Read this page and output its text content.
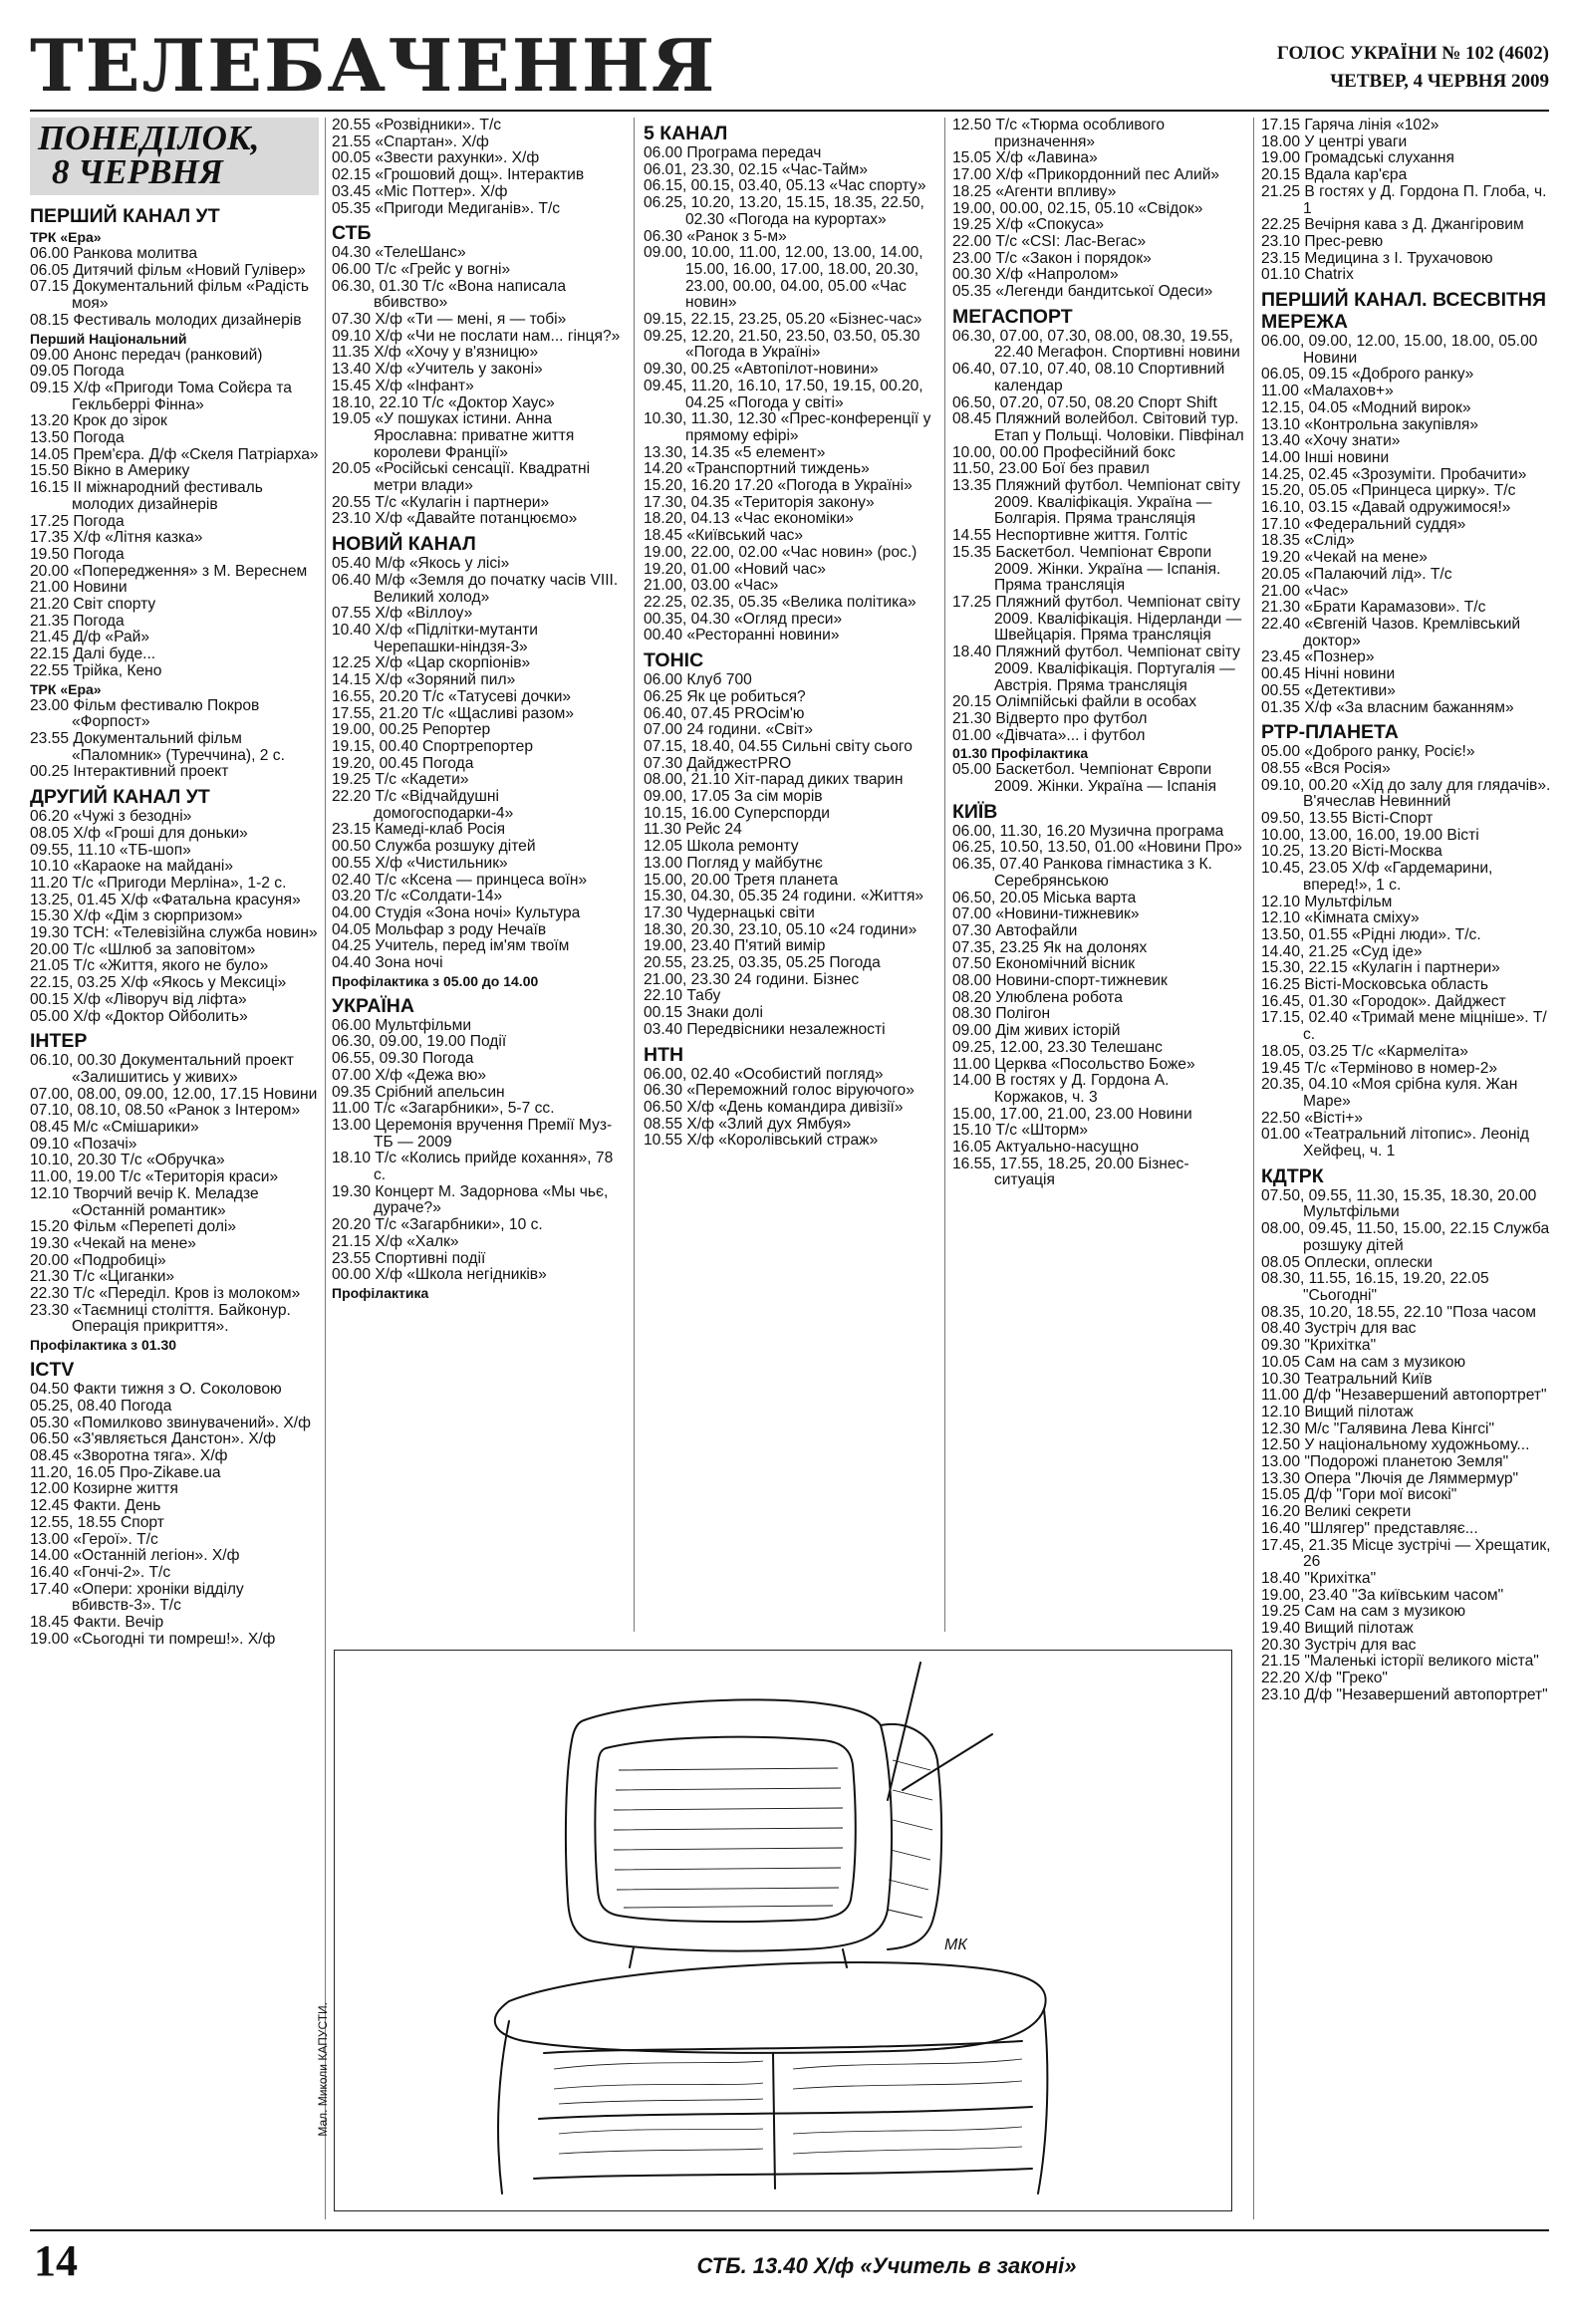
ТЕЛЕБАЧЕННЯ	ГОЛОС УКРАЇНИ № 102 (4602)
ЧЕТВЕР, 4 ЧЕРВНЯ 2009
ПОНЕДІЛОК,
8 ЧЕРВНЯ
ПЕРШИЙ КАНАЛ УТ
ТРК «Ера»
06.00 Ранкова молитва
06.05 Дитячий фільм «Новий Гулівер»
07.15 Документальний фільм «Радість моя»
08.15 Фестиваль молодих дизайнерів
Перший Національний
09.00 Анонс передач (ранковий)
09.05 Погода
09.15 Х/ф «Пригоди Тома Сойєра та Гекльберрі Фінна»
13.20 Крок до зірок
13.50 Погода
14.05 Прем'єра. Д/ф «Скеля Патріарха»
15.50 Вікно в Америку
16.15 II міжнародний фестиваль молодих дизайнерів
17.25 Погода
17.35 Х/ф «Літня казка»
19.50 Погода
20.00 «Попередження» з М. Вереснем
21.00 Новини
21.20 Світ спорту
21.35 Погода
21.45 Д/ф «Рай»
22.15 Далі буде...
22.55 Трійка, Кено
ТРК «Ера»
23.00 Фільм фестивалю Покров «Форпост»
23.55 Документальний фільм «Паломник» (Туреччина), 2 с.
00.25 Інтерактивний проект
ДРУГИЙ КАНАЛ УТ
06.20 «Чужі з безодні»
08.05 Х/ф «Гроші для доньки»
09.55, 11.10 «ТБ-шоп»
10.10 «Караоке на майдані»
11.20 Т/с «Пригоди Мерліна», 1-2 с.
13.25, 01.45 Х/ф «Фатальна красуня»
15.30 Х/ф «Дім з сюрпризом»
19.30 ТСН: «Телевізійна служба новин»
20.00 Т/с «Шлюб за заповітом»
21.05 Т/с «Життя, якого не було»
22.15, 03.25 Х/ф «Якось у Мексиці»
00.15 Х/ф «Ліворуч від ліфта»
05.00 Х/ф «Доктор Ойболить»
ІНТЕР
06.10, 00.30 Документальний проект «Залишитись у живих»
07.00, 08.00, 09.00, 12.00, 17.15 Новини
07.10, 08.10, 08.50 «Ранок з Інтером»
08.45 М/с «Смішарики»
09.10 «Позачі»
10.10, 20.30 Т/с «Обручка»
11.00, 19.00 Т/с «Територія краси»
12.10 Творчий вечір К. Меладзе «Останній романтик»
15.20 Фільм «Перепеті долі»
19.30 «Чекай на мене»
20.00 «Подробиці»
21.30 Т/с «Циганки»
22.30 Т/с «Переділ. Кров із молоком»
23.30 «Таємниці століття. Байконур. Операція прикриття».
Профілактика з 01.30
ICTV
04.50 Факти тижня з О. Соколовою
05.25, 08.40 Погода
05.30 «Помилково звинувачений». Х/ф
06.50 «З'являється Данстон». Х/ф
08.45 «Зворотна тяга». Х/ф
11.20, 16.05 Про-Zikaве.ua
12.00 Козирне життя
12.45 Факти. День
12.55, 18.55 Спорт
13.00 «Герої». Т/с
14.00 «Останній легіон». Х/ф
16.40 «Гончі-2». Т/с
17.40 «Опери: хроніки відділу вбивств-3». Т/с
18.45 Факти. Вечір
19.00 «Сьогодні ти помреш!». Х/ф
20.55 «Розвідники». Т/с
21.55 «Спартан». Х/ф
00.05 «Звести рахунки». Х/ф
02.15 «Грошовий дощ». Інтерактив
03.45 «Міс Поттер». Х/ф
05.35 «Пригоди Медиганів». Т/с
СТБ
04.30 «ТелеШанс»
06.00 Т/с «Грейс у вогні»
06.30, 01.30 Т/с «Вона написала вбивство»
07.30 Х/ф «Ти — мені, я — тобі»
09.10 Х/ф «Чи не послати нам... гінця?»
11.35 Х/ф «Хочу у в'язницю»
13.40 Х/ф «Учитель у законі»
15.45 Х/ф «Інфант»
18.10, 22.10 Т/с «Доктор Хаус»
19.05 «У пошуках істини. Анна Ярославна: приватне життя королеви Франції»
20.05 «Російські сенсації. Квадратні метри влади»
20.55 Т/с «Кулагін і партнери»
23.10 Х/ф «Давайте потанцюємо»
НОВИЙ КАНАЛ
05.40 М/ф «Якось у лісі»
06.40 М/ф «Земля до початку часів VIII. Великий холод»
07.55 Х/ф «Віллоу»
10.40 Х/ф «Підлітки-мутанти Черепашки-ніндзя-3»
12.25 Х/ф «Цар скорпіонів»
14.15 Х/ф «Зоряний пил»
16.55, 20.20 Т/с «Татусеві дочки»
17.55, 21.20 Т/с «Щасливі разом»
19.00, 00.25 Репортер
19.15, 00.40 Спортрепортер
19.20, 00.45 Погода
19.25 Т/с «Кадети»
22.20 Т/с «Відчайдушні домогосподарки-4»
23.15 Камеді-клаб Росія
00.50 Служба розшуку дітей
00.55 Х/ф «Чистильник»
02.40 Т/с «Ксена — принцеса воїн»
03.20 Т/с «Солдати-14»
04.00 Студія «Зона ночі» Культура
04.05 Мольфар з роду Нечаїв
04.25 Учитель, перед ім'ям твоїм
04.40 Зона ночі
Профілактика з 05.00 до 14.00
УКРАЇНА
06.00 Мультфільми
06.30, 09.00, 19.00 Події
06.55, 09.30 Погода
07.00 Х/ф «Дежа вю»
09.35 Срібний апельсин
11.00 Т/с «Загарбники», 5-7 сс.
13.00 Церемонія вручення Премії Муз-ТБ — 2009
18.10 Т/с «Колись прийде кохання», 78 с.
19.30 Концерт М. Задорнова «Мы чьє, дураче?»
20.20 Т/с «Загарбники», 10 с.
21.15 Х/ф «Халк»
23.55 Спортивні події
00.00 Х/ф «Школа негідників»
Профілактика
5 КАНАЛ
06.00 Програма передач
06.01, 23.30, 02.15 «Час-Тайм»
06.15, 00.15, 03.40, 05.13 «Час спорту»
06.25, 10.20, 13.20, 15.15, 18.35, 22.50, 02.30 «Погода на курортах»
06.30 «Ранок з 5-м»
09.00, 10.00, 11.00, 12.00, 13.00, 14.00, 15.00, 16.00, 17.00, 18.00, 20.30, 23.00, 00.00, 04.00, 05.00 «Час новин»
09.15, 22.15, 23.25, 05.20 «Бізнес-час»
09.25, 12.20, 21.50, 23.50, 03.50, 05.30 «Погода в Україні»
09.30, 00.25 «Автопілот-новини»
09.45, 11.20, 16.10, 17.50, 19.15, 00.20, 04.25 «Погода у світі»
10.30, 11.30, 12.30 «Прес-конференції у прямому ефірі»
13.30, 14.35 «5 елемент»
14.20 «Транспортний тиждень»
15.20, 16.20 17.20 «Погода в Україні»
17.30, 04.35 «Територія закону»
18.20, 04.13 «Час економіки»
18.45 «Київський час»
19.00, 22.00, 02.00 «Час новин» (рос.)
19.20, 01.00 «Новий час»
21.00, 03.00 «Час»
22.25, 02.35, 05.35 «Велика політика»
00.35, 04.30 «Огляд преси»
00.40 «Ресторанні новини»
ТОНІС
06.00 Клуб 700
06.25 Як це робиться?
06.40, 07.45 PROсім'ю
07.00 24 години. «Світ»
07.15, 18.40, 04.55 Сильні світу сього
07.30 ДайджестPRO
08.00, 21.10 Хіт-парад диких тварин
09.00, 17.05 За сім морів
10.15, 16.00 Суперспорди
11.30 Рейс 24
12.05 Школа ремонту
13.00 Погляд у майбутнє
15.00, 20.00 Третя планета
15.30, 04.30, 05.35 24 години. «Життя»
17.30 Чудернацькі світи
18.30, 20.30, 23.10, 05.10 «24 години»
19.00, 23.40 П'ятий вимір
20.55, 23.25, 03.35, 05.25 Погода
21.00, 23.30 24 години. Бізнес
22.10 Табу
00.15 Знаки долі
03.40 Передвісники незалежності
НТН
06.00, 02.40 «Особистий погляд»
06.30 «Переможний голос віруючого»
06.50 Х/ф «День командира дивізії»
08.55 Х/ф «Злий дух Ямбуя»
10.55 Х/ф «Королівський страж»
12.50 Т/с «Тюрма особливого призначення»
15.05 Х/ф «Лавина»
17.00 Х/ф «Прикордонний пес Алий»
18.25 «Агенти впливу»
19.00, 00.00, 02.15, 05.10 «Свідок»
19.25 Х/ф «Спокуса»
22.00 Т/с «CSI: Лас-Вегас»
23.00 Т/с «Закон і порядок»
00.30 Х/ф «Напролом»
05.35 «Легенди бандитської Одеси»
МЕГАСПОРТ
06.30, 07.00, 07.30, 08.00, 08.30, 19.55, 22.40 Мегафон. Спортивні новини
06.40, 07.10, 07.40, 08.10 Спортивний календар
06.50, 07.20, 07.50, 08.20 Спорт Shift
08.45 Пляжний волейбол. Світовий тур. Етап у Польщі. Чоловіки. Півфінал
10.00, 00.00 Професійний бокс
11.50, 23.00 Бої без правил
13.35 Пляжний футбол. Чемпіонат світу 2009. Кваліфікація. Україна — Болгарія. Пряма трансляція
14.55 Неспортивне життя. Голтіс
15.35 Баскетбол. Чемпіонат Європи 2009. Жінки. Україна — Іспанія. Пряма трансляція
17.25 Пляжний футбол. Чемпіонат світу 2009. Кваліфікація. Нідерланди — Швейцарія. Пряма трансляція
18.40 Пляжний футбол. Чемпіонат світу 2009. Кваліфікація. Португалія — Австрія. Пряма трансляція
20.15 Олімпійські файли в особах
21.30 Відверто про футбол
01.00 «Дівчата»... і футбол
01.30 Профілактика
05.00 Баскетбол. Чемпіонат Європи 2009. Жінки. Україна — Іспанія
КИЇВ
06.00, 11.30, 16.20 Музична програма
06.25, 10.50, 13.50, 01.00 «Новини Про»
06.35, 07.40 Ранкова гімнастика з К. Серебрянською
06.50, 20.05 Міська варта
07.00 «Новини-тижневик»
07.30 Автофайли
07.35, 23.25 Як на долонях
07.50 Економічний вісник
08.00 Новини-спорт-тижневик
08.20 Улюблена робота
08.30 Полігон
09.00 Дім живих історій
09.25, 12.00, 23.30 Телешанс
11.00 Церква «Посольство Боже»
14.00 В гостях у Д. Гордона А. Коржаков, ч. 3
15.00, 17.00, 21.00, 23.00 Новини
15.10 Т/с «Шторм»
16.05 Актуально-насущно
16.55, 17.55, 18.25, 20.00 Бізнес-ситуація
17.15 Гаряча лінія «102»
18.00 У центрі уваги
19.00 Громадські слухання
20.15 Вдала кар'єра
21.25 В гостях у Д. Гордона П. Глоба, ч. 1
22.25 Вечірня кава з Д. Джангіровим
23.10 Прес-ревю
23.15 Медицина з І. Трухачовою
01.10 Chatrix
ПЕРШИЙ КАНАЛ. ВСЕСВІТНЯ МЕРЕЖА
06.00, 09.00, 12.00, 15.00, 18.00, 05.00 Новини
06.05, 09.15 «Доброго ранку»
11.00 «Малахов+»
12.15, 04.05 «Модний вирок»
13.10 «Контрольна закупівля»
13.40 «Хочу знати»
14.00 Інші новини
14.25, 02.45 «Зрозуміти. Пробачити»
15.20, 05.05 «Принцеса цирку». Т/с
16.10, 03.15 «Давай одружимося!»
17.10 «Федеральний суддя»
18.35 «Слід»
19.20 «Чекай на мене»
20.05 «Палаючий лід». Т/с
21.00 «Час»
21.30 «Брати Карамазови». Т/с
22.40 «Євгеній Чазов. Кремлівський доктор»
23.45 «Познер»
00.45 Нічні новини
00.55 «Детективи»
01.35 Х/ф «За власним бажанням»
РТР-ПЛАНЕТА
05.00 «Доброго ранку, Росіє!»
08.55 «Вся Росія»
09.10, 00.20 «Хід до залу для глядачів». В'ячеслав Невинний
09.50, 13.55 Вісті-Спорт
10.00, 13.00, 16.00, 19.00 Вісті
10.25, 13.20 Вісті-Москва
10.45, 23.05 Х/ф «Гардемарини, вперед!», 1 с.
12.10 Мультфільм
12.10 «Кімната сміху»
13.50, 01.55 «Рідні люди». Т/с.
14.40, 21.25 «Суд іде»
15.30, 22.15 «Кулагін і партнери»
16.25 Вісті-Московська область
16.45, 01.30 «Городок». Дайджест
17.15, 02.40 «Тримай мене міцніше». Т/с.
18.05, 03.25 Т/с «Кармеліта»
19.45 Т/с «Терміново в номер-2»
20.35, 04.10 «Моя срібна куля. Жан Маре»
22.50 «Вісті+»
01.00 «Театральний літопис». Леонід Хейфец, ч. 1
КДТРК
07.50, 09.55, 11.30, 15.35, 18.30, 20.00 Мультфільми
08.00, 09.45, 11.50, 15.00, 22.15 Служба розшуку дітей
08.05 Оплески, оплески
08.30, 11.55, 16.15, 19.20, 22.05 "Сьогодні"
08.35, 10.20, 18.55, 22.10 "Поза часом
08.40 Зустріч для вас
09.30 "Крихітка"
10.05 Сам на сам з музикою
10.30 Театральний Київ
11.00 Д/ф "Незавершений автопортрет"
12.10 Вищий пілотаж
12.30 М/с "Галявина Лева Кінгсі"
12.50 У національному художньому...
13.00 "Подорожі планетою Земля"
13.30 Опера "Лючія де Ляммермур"
15.05 Д/ф "Гори мої високі"
16.20 Великі секрети
16.40 "Шлягер" представляє...
17.45, 21.35 Місце зустрічі — Хрещатик, 26
18.40 "Крихітка"
19.00, 23.40 "За київським часом"
19.25 Сам на сам з музикою
19.40 Вищий пілотаж
20.30 Зустріч для вас
21.15 "Маленькі історії великого міста"
22.20 Х/ф "Греко"
23.10 Д/ф "Незавершений автопортрет"
Мал. Миколи КАПУСТИ.
МК
14	СТБ. 13.40 Х/ф «Учитель в законі»
